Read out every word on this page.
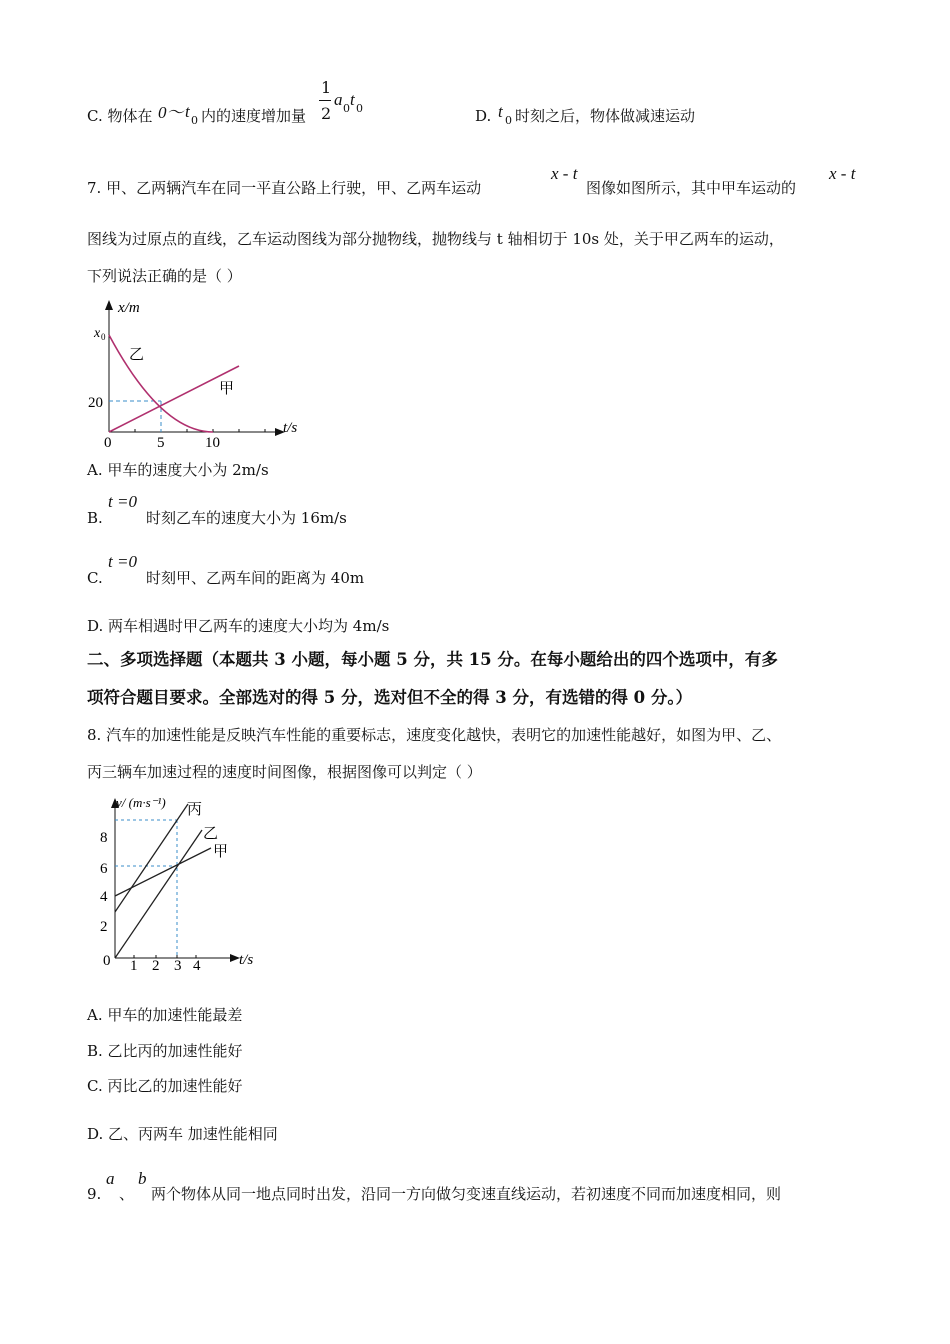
C. 物体在 0～ t 0 内的速度增加量
1
2
a 0 t 0	D. t 0 时刻之后，物体做减速运动
7. 甲、乙两辆汽车在同一平直公路上行驶，甲、乙两车运动
x - t
图像如图所示，其中甲车运动的
x - t
图线为过原点的直线，乙车运动图线为部分抛物线，抛物线与 t 轴相切于 10s 处，关于甲乙两车的运动，
下列说法正确的是（ ）
x/m
x 0
乙
甲
20
0	5	10
t/s
A. 甲车的速度大小为 2m/s
B.
t =0
时刻乙车的速度大小为 16m/s
C.
t =0
时刻甲、乙两车间的距离为 40m
D. 两车相遇时甲乙两车的速度大小均为 4m/s
二、多项选择题（本题共 3 小题，每小题 5 分，共 15 分。在每小题给出的四个选项中，有多
项符合题目要求。全部选对的得 5 分，选对但不全的得 3 分，有选错的得 0 分。）
8. 汽车的加速性能是反映汽车性能的重要标志，速度变化越快，表明它的加速性能越好，如图为甲、乙、
丙三辆车加速过程的速度时间图像，根据图像可以判定（ ）
v/ (m·s⁻¹) 丙
乙
甲
8
6
4
2
0 1 2 3 4	t/s
A. 甲车的加速性能最差
B. 乙比丙的加速性能好
C. 丙比乙的加速性能好
D. 乙、丙两车 加速性能相同
9.
a
、
b
两个物体从同一地点同时出发，沿同一方向做匀变速直线运动，若初速度不同而加速度相同，则
